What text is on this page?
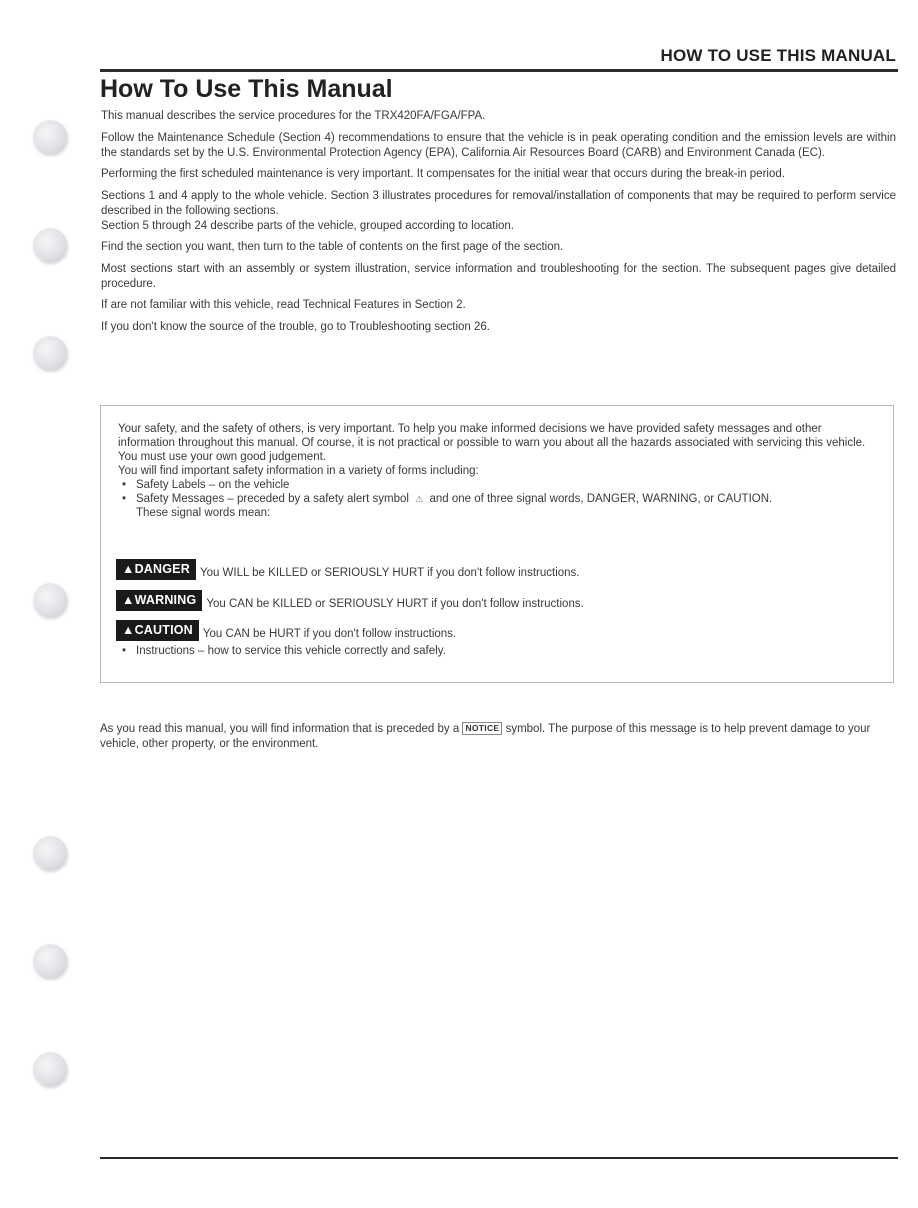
HOW TO USE THIS MANUAL
How To Use This Manual

This manual describes the service procedures for the TRX420FA/FGA/FPA.

Follow the Maintenance Schedule (Section 4) recommendations to ensure that the vehicle is in peak operating condition and the emission levels are within the standards set by the U.S. Environmental Protection Agency (EPA), California Air Resources Board (CARB) and Environment Canada (EC).

Performing the first scheduled maintenance is very important. It compensates for the initial wear that occurs during the break-in period.

Sections 1 and 4 apply to the whole vehicle. Section 3 illustrates procedures for removal/installation of components that may be required to perform service described in the following sections.

Section 5 through 24 describe parts of the vehicle, grouped according to location.

Find the section you want, then turn to the table of contents on the first page of the section.

Most sections start with an assembly or system illustration, service information and troubleshooting for the section. The subsequent pages give detailed procedure.

If are not familiar with this vehicle, read Technical Features in Section 2.

If you don't know the source of the trouble, go to Troubleshooting section 26.

Your safety, and the safety of others, is very important. To help you make informed decisions we have provided safety messages and other information throughout this manual. Of course, it is not practical or possible to warn you about all the hazards associated with servicing this vehicle.

You must use your own good judgement.

You will find important safety information in a variety of forms including:

• Safety Labels – on the vehicle

• Safety Messages – preceded by a safety alert symbol ⚠ and one of three signal words, DANGER, WARNING, or CAUTION.
These signal words mean:

▲DANGER You WILL be KILLED or SERIOUSLY HURT if you don't follow instructions.
▲WARNING You CAN be KILLED or SERIOUSLY HURT if you don't follow instructions.
▲CAUTION You CAN be HURT if you don't follow instructions.

• Instructions – how to service this vehicle correctly and safely.

As you read this manual, you will find information that is preceded by a NOTICE symbol. The purpose of this message is to help prevent damage to your vehicle, other property, or the environment.
